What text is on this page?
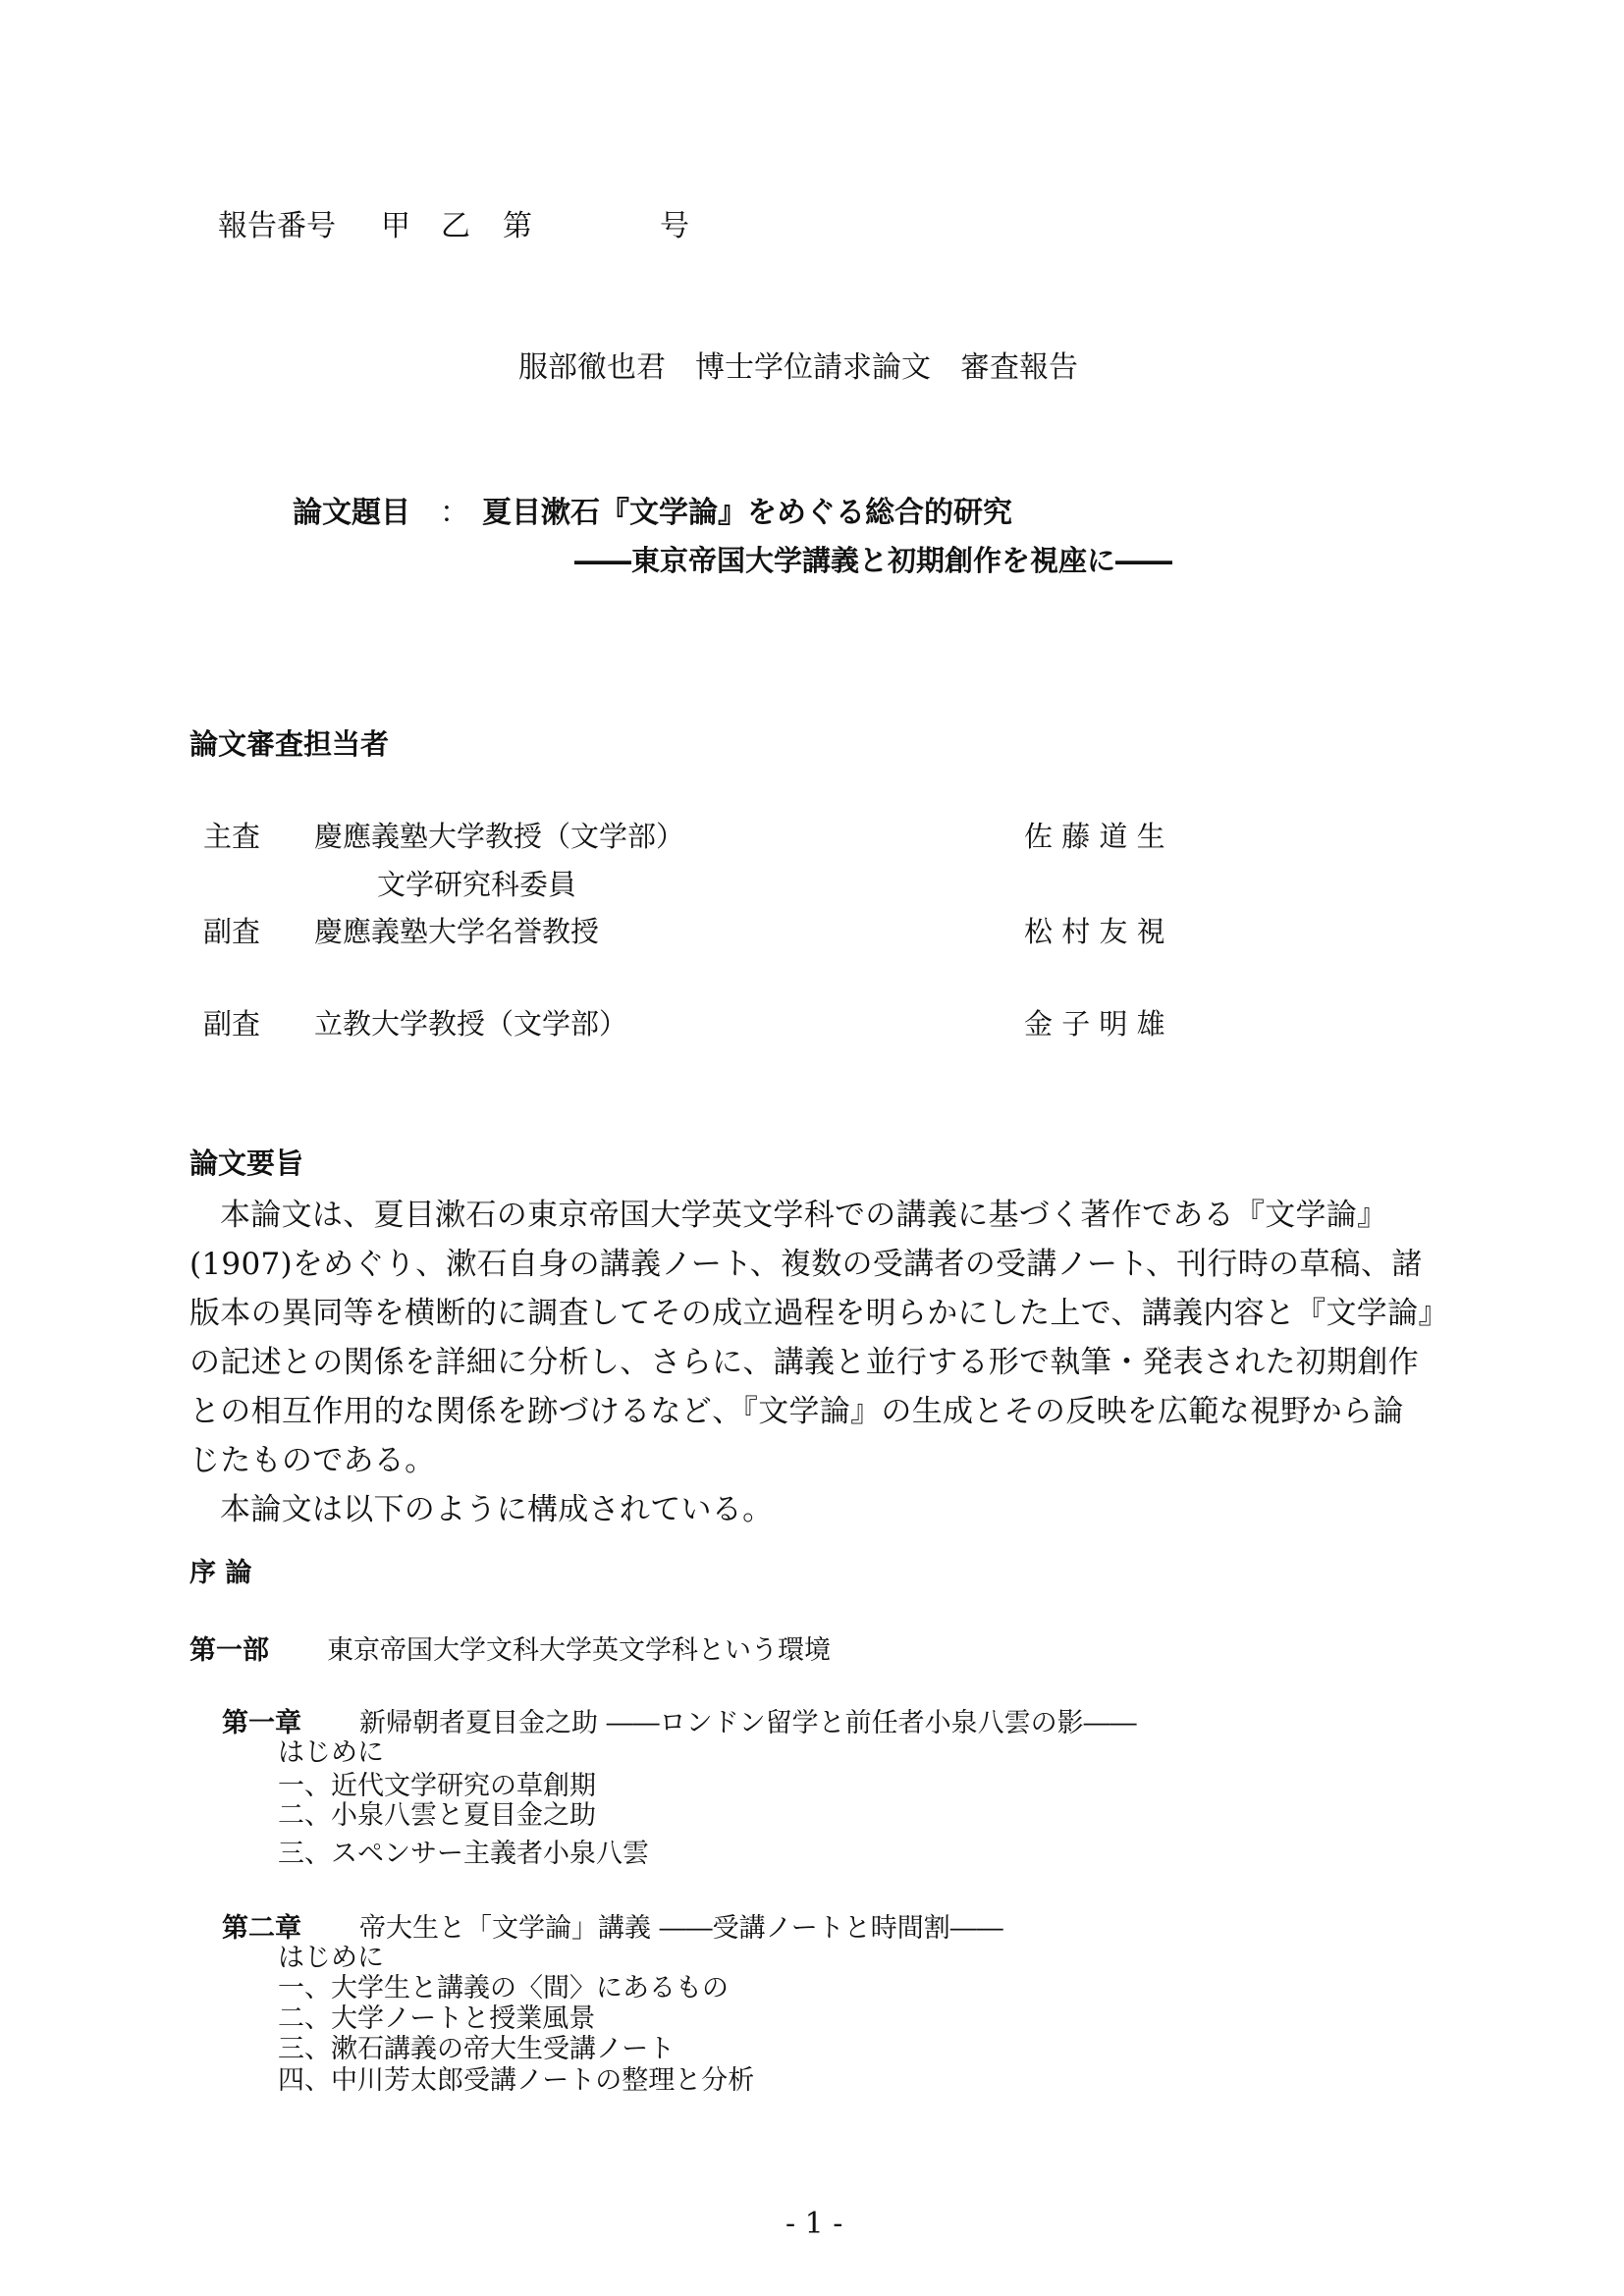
報告番号 甲 乙 第	号
服部徹也君　博士学位請求論文　審査報告
論文題目 ： 夏目漱石『文学論』をめぐる総合的研究
――東京帝国大学講義と初期創作を視座に――
論文審査担当者
主査 慶應義塾大学教授（文学部）	佐 藤 道 生
文学研究科委員
副査 慶應義塾大学名誉教授	松 村 友 視
副査 立教大学教授（文学部）	金 子 明 雄
論文要旨
本論文は、夏目漱石の東京帝国大学英文学科での講義に基づく著作である『文学論』
(1907)をめぐり、漱石自身の講義ノート、複数の受講者の受講ノート、刊行時の草稿、諸
版本の異同等を横断的に調査してその成立過程を明らかにした上で、講義内容と『文学論』
の記述との関係を詳細に分析し、さらに、講義と並行する形で執筆・発表された初期創作
との相互作用的な関係を跡づけるなど、『文学論』の生成とその反映を広範な視野から論
じたものである。
本論文は以下のように構成されている。
序 論
第一部 東京帝国大学文科大学英文学科という環境
第一章 新帰朝者夏目金之助 ――ロンドン留学と前任者小泉八雲の影――
はじめに
一、近代文学研究の草創期
二、小泉八雲と夏目金之助
三、スペンサー主義者小泉八雲
第二章 帝大生と「文学論」講義 ――受講ノートと時間割――
はじめに
一、大学生と講義の〈間〉にあるもの
二、大学ノートと授業風景
三、漱石講義の帝大生受講ノート
四、中川芳太郎受講ノートの整理と分析
- 1 -
